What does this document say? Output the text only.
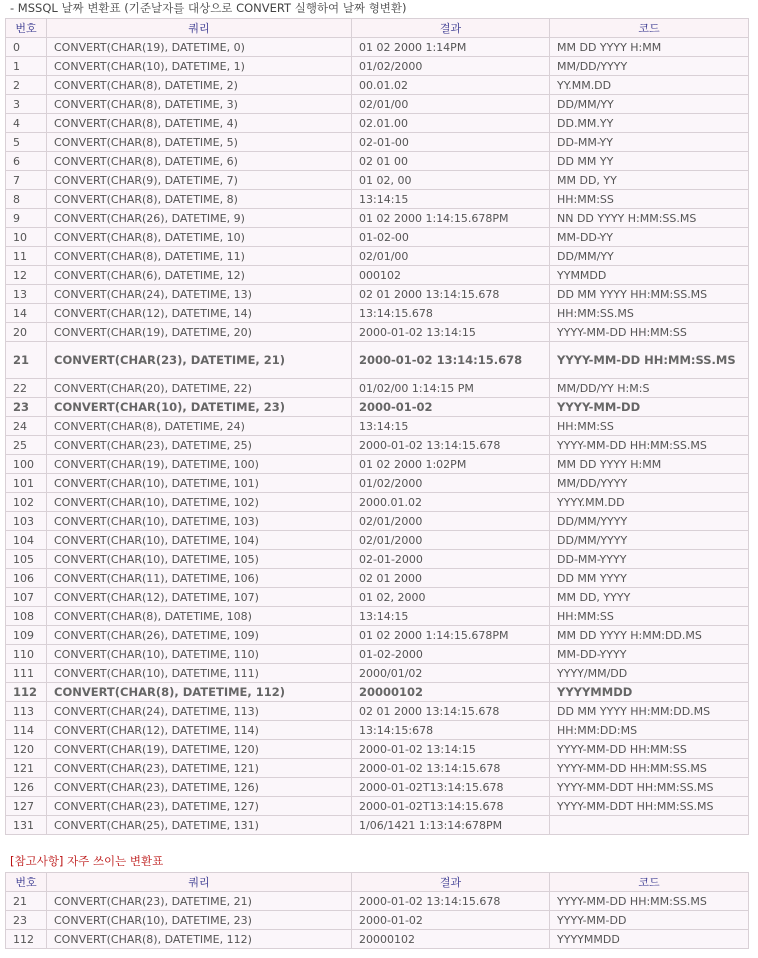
- MSSQL 날짜 변환표 (기준날자를 대상으로 CONVERT 실행하여 날짜 형변환)

번호	쿼리	결과	코드
0	CONVERT(CHAR(19), DATETIME, 0)	01 02 2000 1:14PM	MM DD YYYY H:MM
1	CONVERT(CHAR(10), DATETIME, 1)	01/02/2000	MM/DD/YYYY
2	CONVERT(CHAR(8), DATETIME, 2)	00.01.02	YY.MM.DD
3	CONVERT(CHAR(8), DATETIME, 3)	02/01/00	DD/MM/YY
4	CONVERT(CHAR(8), DATETIME, 4)	02.01.00	DD.MM.YY
5	CONVERT(CHAR(8), DATETIME, 5)	02-01-00	DD-MM-YY
6	CONVERT(CHAR(8), DATETIME, 6)	02 01 00	DD MM YY
7	CONVERT(CHAR(9), DATETIME, 7)	01 02, 00	MM DD, YY
8	CONVERT(CHAR(8), DATETIME, 8)	13:14:15	HH:MM:SS
9	CONVERT(CHAR(26), DATETIME, 9)	01 02 2000 1:14:15.678PM	NN DD YYYY H:MM:SS.MS
10	CONVERT(CHAR(8), DATETIME, 10)	01-02-00	MM-DD-YY
11	CONVERT(CHAR(8), DATETIME, 11)	02/01/00	DD/MM/YY
12	CONVERT(CHAR(6), DATETIME, 12)	000102	YYMMDD
13	CONVERT(CHAR(24), DATETIME, 13)	02 01 2000 13:14:15.678	DD MM YYYY HH:MM:SS.MS
14	CONVERT(CHAR(12), DATETIME, 14)	13:14:15.678	HH:MM:SS.MS
20	CONVERT(CHAR(19), DATETIME, 20)	2000-01-02 13:14:15	YYYY-MM-DD HH:MM:SS
21	CONVERT(CHAR(23), DATETIME, 21)	2000-01-02 13:14:15.678	YYYY-MM-DD HH:MM:SS.MS
22	CONVERT(CHAR(20), DATETIME, 22)	01/02/00 1:14:15 PM	MM/DD/YY H:M:S
23	CONVERT(CHAR(10), DATETIME, 23)	2000-01-02	YYYY-MM-DD
24	CONVERT(CHAR(8), DATETIME, 24)	13:14:15	HH:MM:SS
25	CONVERT(CHAR(23), DATETIME, 25)	2000-01-02 13:14:15.678	YYYY-MM-DD HH:MM:SS.MS
100	CONVERT(CHAR(19), DATETIME, 100)	01 02 2000 1:02PM	MM DD YYYY H:MM
101	CONVERT(CHAR(10), DATETIME, 101)	01/02/2000	MM/DD/YYYY
102	CONVERT(CHAR(10), DATETIME, 102)	2000.01.02	YYYY.MM.DD
103	CONVERT(CHAR(10), DATETIME, 103)	02/01/2000	DD/MM/YYYY
104	CONVERT(CHAR(10), DATETIME, 104)	02/01/2000	DD/MM/YYYY
105	CONVERT(CHAR(10), DATETIME, 105)	02-01-2000	DD-MM-YYYY
106	CONVERT(CHAR(11), DATETIME, 106)	02 01 2000	DD MM YYYY
107	CONVERT(CHAR(12), DATETIME, 107)	01 02, 2000	MM DD, YYYY
108	CONVERT(CHAR(8), DATETIME, 108)	13:14:15	HH:MM:SS
109	CONVERT(CHAR(26), DATETIME, 109)	01 02 2000 1:14:15.678PM	MM DD YYYY H:MM:DD.MS
110	CONVERT(CHAR(10), DATETIME, 110)	01-02-2000	MM-DD-YYYY
111	CONVERT(CHAR(10), DATETIME, 111)	2000/01/02	YYYY/MM/DD
112	CONVERT(CHAR(8), DATETIME, 112)	20000102	YYYYMMDD
113	CONVERT(CHAR(24), DATETIME, 113)	02 01 2000 13:14:15.678	DD MM YYYY HH:MM:DD.MS
114	CONVERT(CHAR(12), DATETIME, 114)	13:14:15:678	HH:MM:DD:MS
120	CONVERT(CHAR(19), DATETIME, 120)	2000-01-02 13:14:15	YYYY-MM-DD HH:MM:SS
121	CONVERT(CHAR(23), DATETIME, 121)	2000-01-02 13:14:15.678	YYYY-MM-DD HH:MM:SS.MS
126	CONVERT(CHAR(23), DATETIME, 126)	2000-01-02T13:14:15.678	YYYY-MM-DDT HH:MM:SS.MS
127	CONVERT(CHAR(23), DATETIME, 127)	2000-01-02T13:14:15.678	YYYY-MM-DDT HH:MM:SS.MS
131	CONVERT(CHAR(25), DATETIME, 131)	1/06/1421 1:13:14:678PM	

[참고사항] 자주 쓰이는 변환표

번호	쿼리	결과	코드
21	CONVERT(CHAR(23), DATETIME, 21)	2000-01-02 13:14:15.678	YYYY-MM-DD HH:MM:SS.MS
23	CONVERT(CHAR(10), DATETIME, 23)	2000-01-02	YYYY-MM-DD
112	CONVERT(CHAR(8), DATETIME, 112)	20000102	YYYYMMDD
